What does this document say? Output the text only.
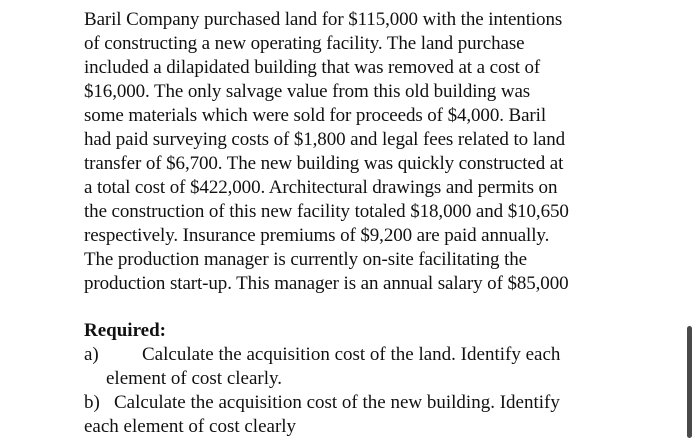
Baril Company purchased land for $115,000 with the intentions
of constructing a new operating facility. The land purchase
included a dilapidated building that was removed at a cost of
$16,000. The only salvage value from this old building was
some materials which were sold for proceeds of $4,000. Baril
had paid surveying costs of $1,800 and legal fees related to land
transfer of $6,700. The new building was quickly constructed at
a total cost of $422,000. Architectural drawings and permits on
the construction of this new facility totaled $18,000 and $10,650
respectively. Insurance premiums of $9,200 are paid annually.
The production manager is currently on-site facilitating the
production start-up. This manager is an annual salary of $85,000

Required:
a) Calculate the acquisition cost of the land. Identify each
element of cost clearly.
b) Calculate the acquisition cost of the new building. Identify
each element of cost clearly
